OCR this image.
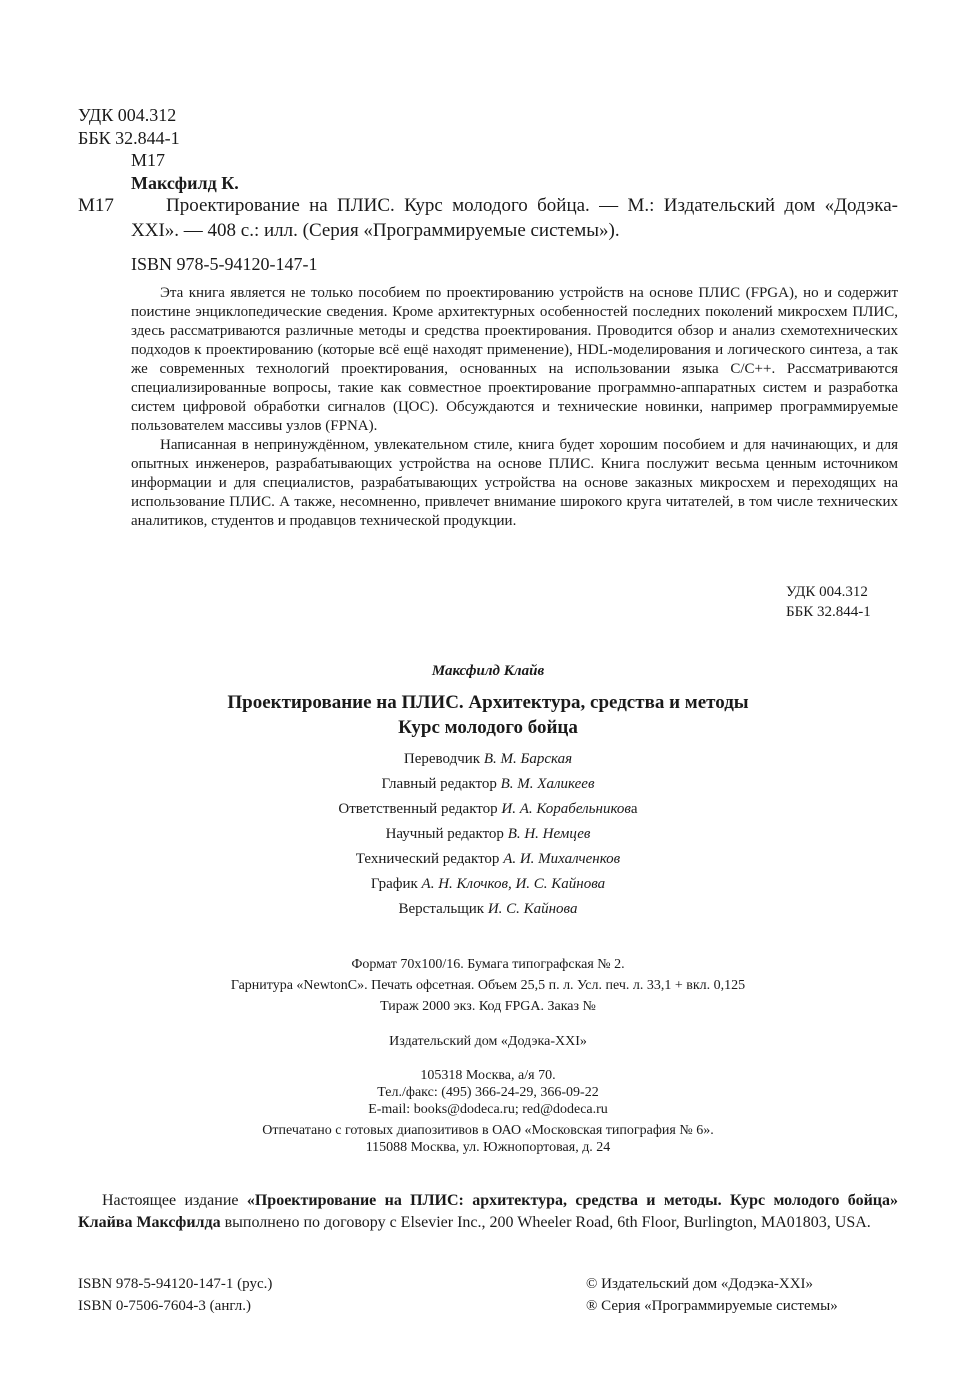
УДК 004.312
ББК 32.844-1
М17
Максфилд К.
М17	Проектирование на ПЛИС. Курс молодого бойца. — М.: Издательский дом «Додэка-XXI». — 408 с.: илл. (Серия «Программируемые системы»).
ISBN 978-5-94120-147-1

Эта книга является не только пособием по проектированию устройств на основе ПЛИС (FPGA), но и содержит поистине энциклопедические сведения. Кроме архитектурных особенностей последних поколений микросхем ПЛИС, здесь рассматриваются различные методы и средства проектирования. Проводится обзор и анализ схемотехнических подходов к проектированию (которые всё ещё находят применение), HDL-моделирования и логического синтеза, а так же современных технологий проектирования, основанных на использовании языка C/C++. Рассматриваются специализированные вопросы, такие как совместное проектирование программно-аппаратных систем и разработка систем цифровой обработки сигналов (ЦОС). Обсуждаются и технические новинки, например программируемые пользователем массивы узлов (FPNA).

Написанная в непринуждённом, увлекательном стиле, книга будет хорошим пособием и для начинающих, и для опытных инженеров, разрабатывающих устройства на основе ПЛИС. Книга послужит весьма ценным источником информации и для специалистов, разрабатывающих устройства на основе заказных микросхем и переходящих на использование ПЛИС. А также, несомненно, привлечет внимание широкого круга читателей, в том числе технических аналитиков, студентов и продавцов технической продукции.

УДК 004.312
ББК 32.844-1
Максфилд Клайв
Проектирование на ПЛИС. Архитектура, средства и методы
Курс молодого бойца
Переводчик В. М. Барская
Главный редактор В. М. Халикеев
Ответственный редактор И. А. Корабельникова
Научный редактор В. Н. Немцев
Технический редактор А. И. Михалченков
График А. Н. Клочков, И. С. Кайнова
Верстальщик И. С. Кайнова
Формат 70x100/16. Бумага типографская № 2.
Гарнитура «NewtonC». Печать офсетная. Объем 25,5 п. л. Усл. печ. л. 33,1 + вкл. 0,125
Тираж 2000 экз. Код FPGA. Заказ №
Издательский дом «Додэка-XXI»
105318 Москва, а/я 70.
Тел./факс: (495) 366-24-29, 366-09-22
E-mail: books@dodeca.ru; red@dodeca.ru
Отпечатано с готовых диапозитивов в ОАО «Московская типография № 6».
115088 Москва, ул. Южнопортовая, д. 24
Настоящее издание «Проектирование на ПЛИС: архитектура, средства и методы. Курс молодого бойца» Клайва Максфилда выполнено по договору с Elsevier Inc., 200 Wheeler Road, 6th Floor, Burlington, MA01803, USA.
ISBN 978-5-94120-147-1 (рус.)
ISBN 0-7506-7604-3 (англ.)
© Издательский дом «Додэка-XXI»
® Серия «Программируемые системы»
